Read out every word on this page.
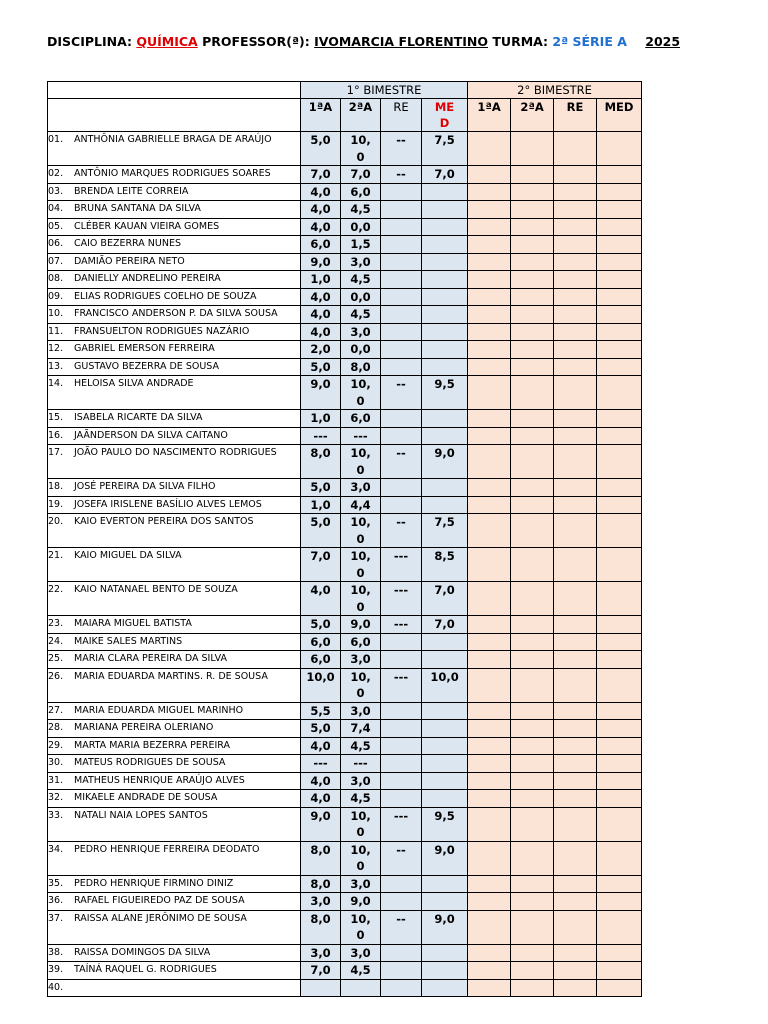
DISCIPLINA: QUÍMICA PROFESSOR(ª): IVOMARCIA FLORENTINO TURMA: 2ª SÉRIE A 2025
	1° BIMESTRE				2° BIMESTRE			
	1ªA	2ªA	RE	MED	1ªA	2ªA	RE	MED
01. ANTHÔNIA GABRIELLE BRAGA DE ARAÚJO	5,0	10,0	--	7,5				
02. ANTÔNIO MARQUES RODRIGUES SOARES	7,0	7,0	--	7,0				
03. BRENDA LEITE CORREIA	4,0	6,0						

04. BRUNA SANTANA DA SILVA	4,0	4,5						

05. CLÉBER KAUAN VIEIRA GOMES	4,0	0,0						

06. CAIO BEZERRA NUNES	6,0	1,5						

07. DAMIÃO PEREIRA NETO	9,0	3,0						

08. DANIELLY ANDRELINO PEREIRA	1,0	4,5						

09. ELIAS RODRIGUES COELHO DE SOUZA	4,0	0,0						

10. FRANCISCO ANDERSON P. DA SILVA SOUSA	4,0	4,5						

11. FRANSUELTON RODRIGUES NAZÁRIO	4,0	3,0						

12. GABRIEL EMERSON FERREIRA	2,0	0,0						

13. GUSTAVO BEZERRA DE SOUSA	5,0	8,0						

14. HELOISA SILVA ANDRADE	9,0	10,0	--	9,5				
15. ISABELA RICARTE DA SILVA	1,0	6,0						

16. JAÃNDERSON DA SILVA CAITANO	---	---						

17. JOÃO PAULO DO NASCIMENTO RODRIGUES	8,0	10,0	--	9,0				
18. JOSÉ PEREIRA DA SILVA FILHO	5,0	3,0						

19. JOSEFA IRISLENE BASÍLIO ALVES LEMOS	1,0	4,4						

20. KAIO EVERTON PEREIRA DOS SANTOS	5,0	10,0	--	7,5				
21. KAIO MIGUEL DA SILVA	7,0	10,0	---	8,5				
22. KAIO NATANAEL BENTO DE SOUZA	4,0	10,0	---	7,0				
23. MAIARA MIGUEL BATISTA	5,0	9,0	---	7,0				
24. MAIKE SALES MARTINS	6,0	6,0						

25. MARIA CLARA PEREIRA DA SILVA	6,0	3,0						

26. MARIA EDUARDA MARTINS. R. DE SOUSA	10,0	10,0	---	10,0				
27. MARIA EDUARDA MIGUEL MARINHO	5,5	3,0						

28. MARIANA PEREIRA OLERIANO	5,0	7,4						

29. MARTA MARIA BEZERRA PEREIRA	4,0	4,5						

30. MATEUS RODRIGUES DE SOUSA	---	---						

31. MATHEUS HENRIQUE ARAÚJO ALVES	4,0	3,0						

32. MIKAELE ANDRADE DE SOUSA	4,0	4,5						

33. NATALI NAIA LOPES SANTOS	9,0	10,0	---	9,5				
34. PEDRO HENRIQUE FERREIRA DEODATO	8,0	10,0	--	9,0				
35. PEDRO HENRIQUE FIRMINO DINIZ	8,0	3,0						

36. RAFAEL FIGUEIREDO PAZ DE SOUSA	3,0	9,0						

37. RAISSA ALANE JERÔNIMO DE SOUSA	8,0	10,0	--	9,0				
38. RAISSA DOMINGOS DA SILVA	3,0	3,0						

39. TAÍNÁ RAQUEL G. RODRIGUES	7,0	4,5						

40.		
